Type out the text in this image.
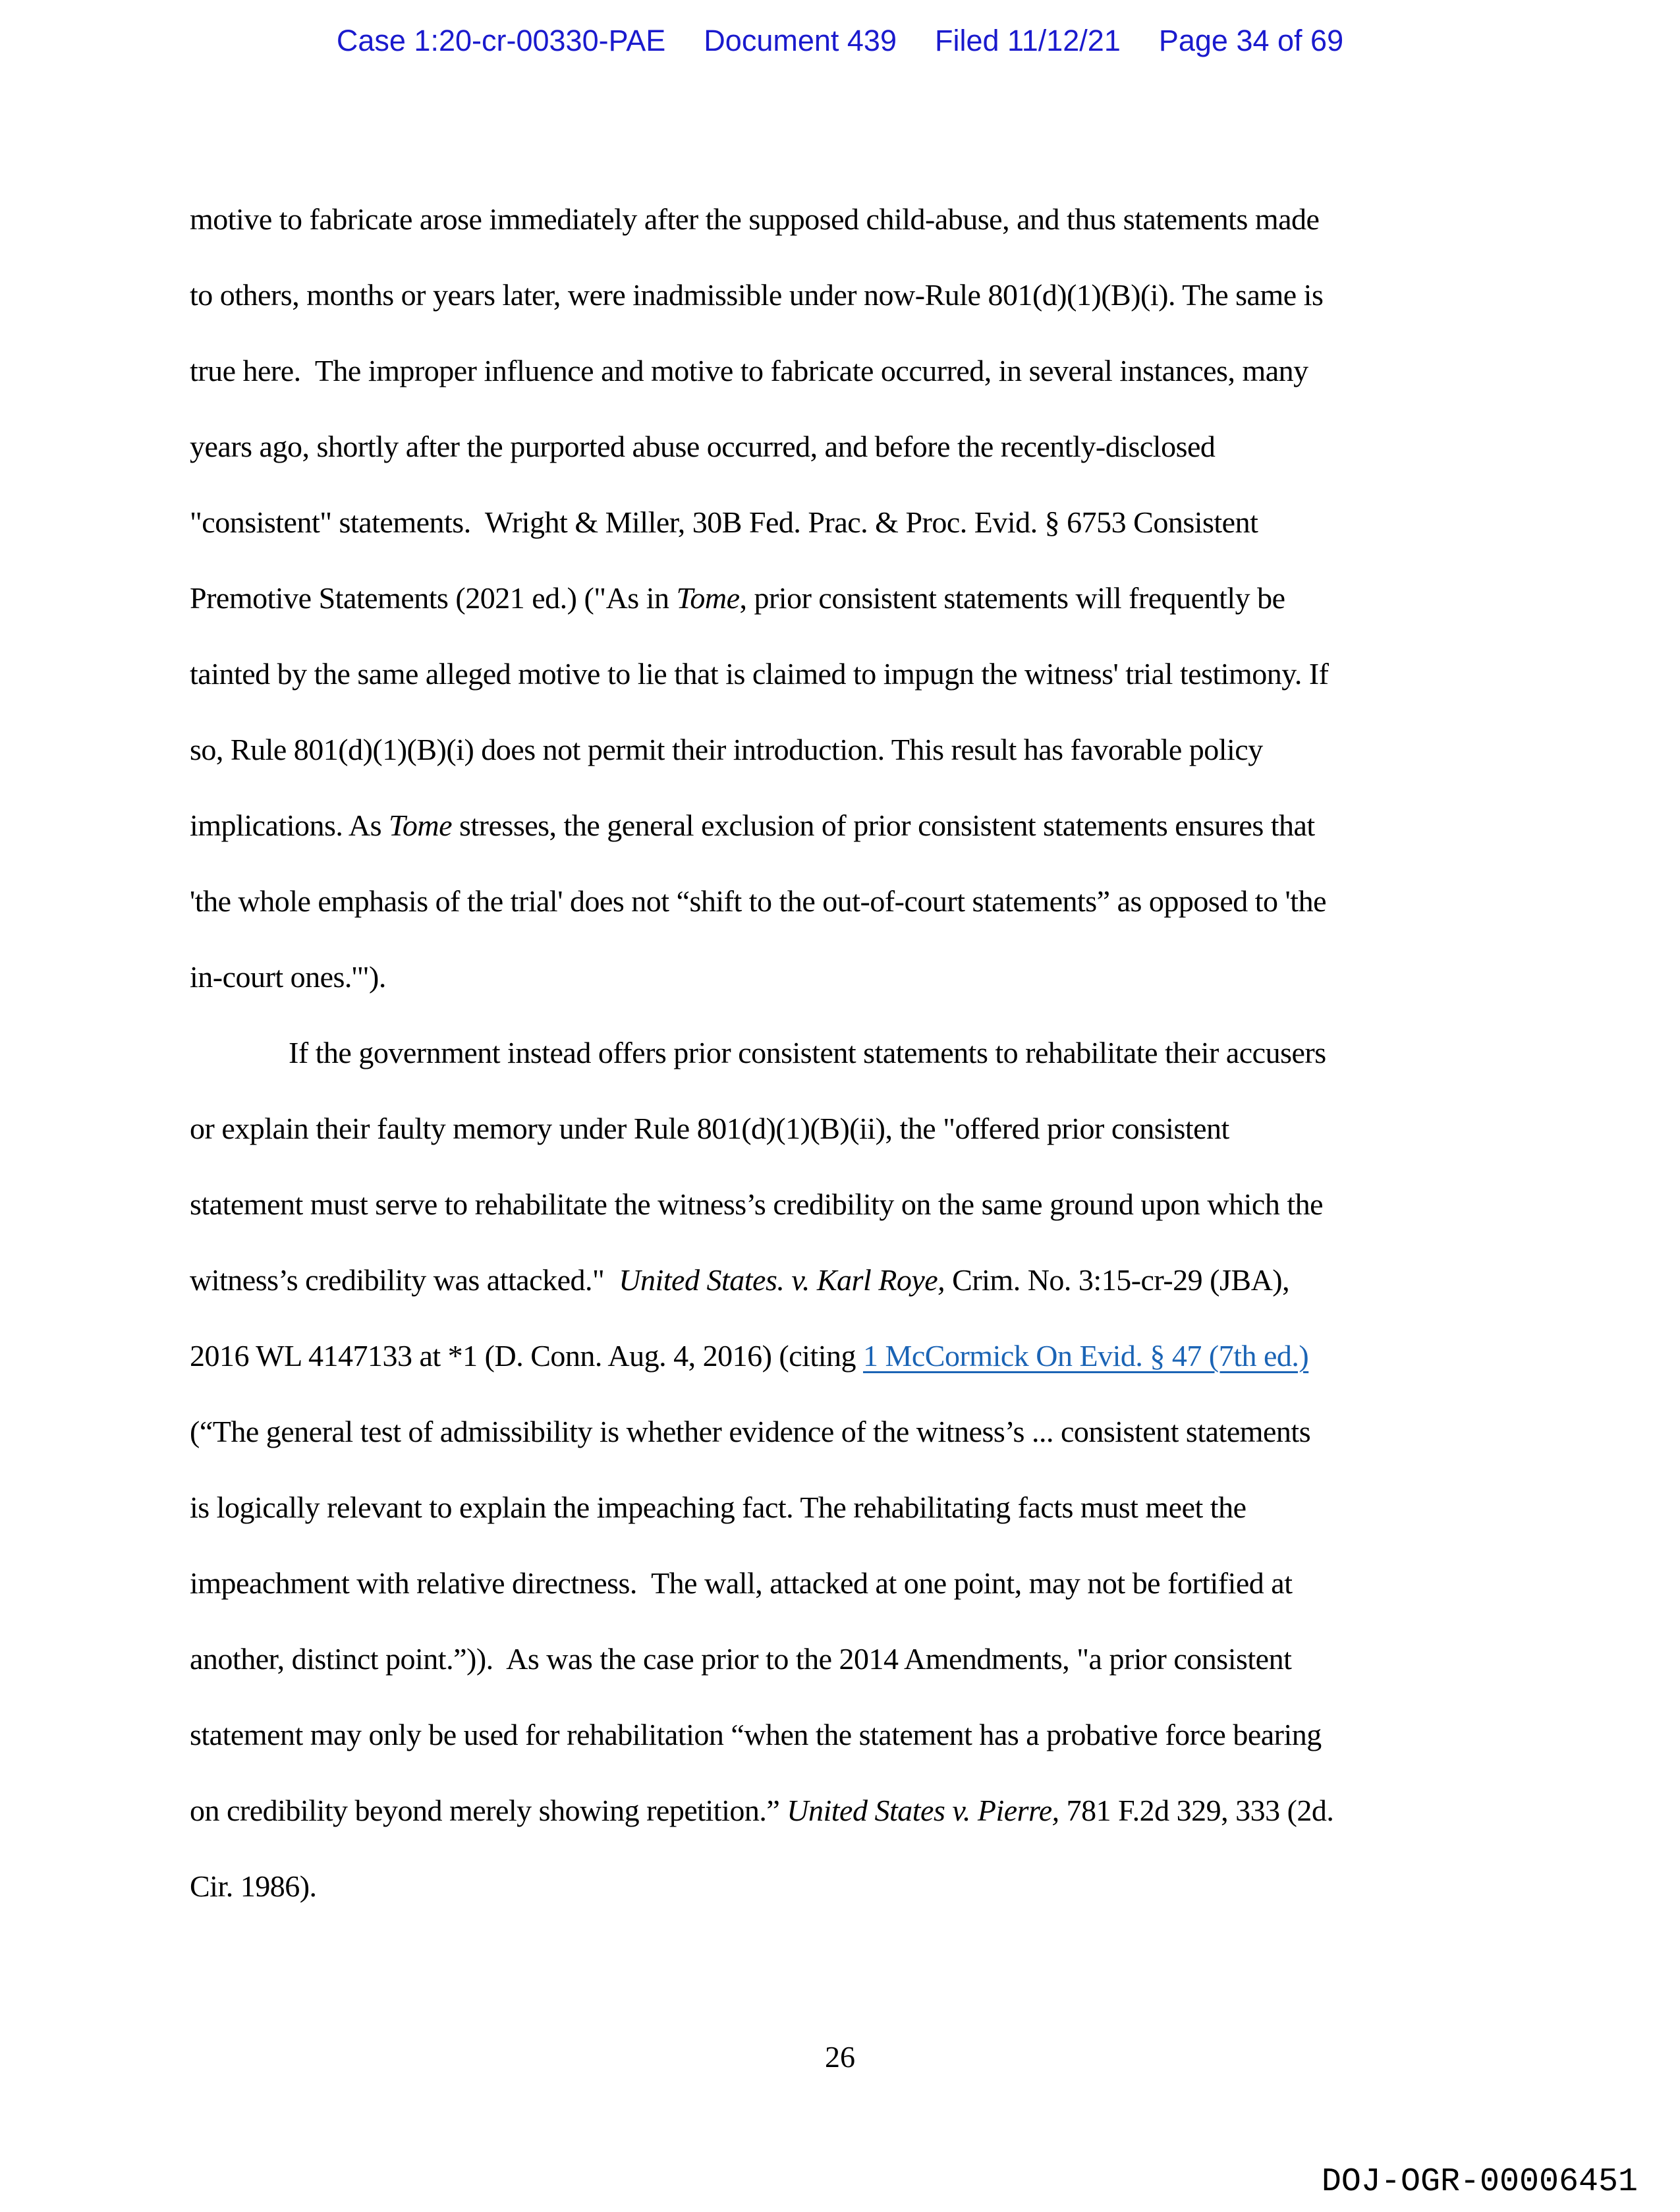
Case 1:20-cr-00330-PAE Document 439 Filed 11/12/21 Page 34 of 69
motive to fabricate arose immediately after the supposed child-abuse, and thus statements made
to others, months or years later, were inadmissible under now-Rule 801(d)(1)(B)(i). The same is
true here.  The improper influence and motive to fabricate occurred, in several instances, many
years ago, shortly after the purported abuse occurred, and before the recently-disclosed
"consistent" statements.  Wright & Miller, 30B Fed. Prac. & Proc. Evid. § 6753 Consistent
Premotive Statements (2021 ed.) ("As in Tome, prior consistent statements will frequently be
tainted by the same alleged motive to lie that is claimed to impugn the witness' trial testimony. If
so, Rule 801(d)(1)(B)(i) does not permit their introduction. This result has favorable policy
implications. As Tome stresses, the general exclusion of prior consistent statements ensures that
'the whole emphasis of the trial' does not “shift to the out-of-court statements” as opposed to 'the
in-court ones.'").
If the government instead offers prior consistent statements to rehabilitate their accusers
or explain their faulty memory under Rule 801(d)(1)(B)(ii), the "offered prior consistent
statement must serve to rehabilitate the witness’s credibility on the same ground upon which the
witness’s credibility was attacked."  United States. v. Karl Roye, Crim. No. 3:15-cr-29 (JBA),
2016 WL 4147133 at *1 (D. Conn. Aug. 4, 2016) (citing 1 McCormick On Evid. § 47 (7th ed.)
(“The general test of admissibility is whether evidence of the witness’s ... consistent statements
is logically relevant to explain the impeaching fact. The rehabilitating facts must meet the
impeachment with relative directness.  The wall, attacked at one point, may not be fortified at
another, distinct point.”)).  As was the case prior to the 2014 Amendments, "a prior consistent
statement may only be used for rehabilitation “when the statement has a probative force bearing
on credibility beyond merely showing repetition.” United States v. Pierre, 781 F.2d 329, 333 (2d.
Cir. 1986).
26
DOJ-OGR-00006451
